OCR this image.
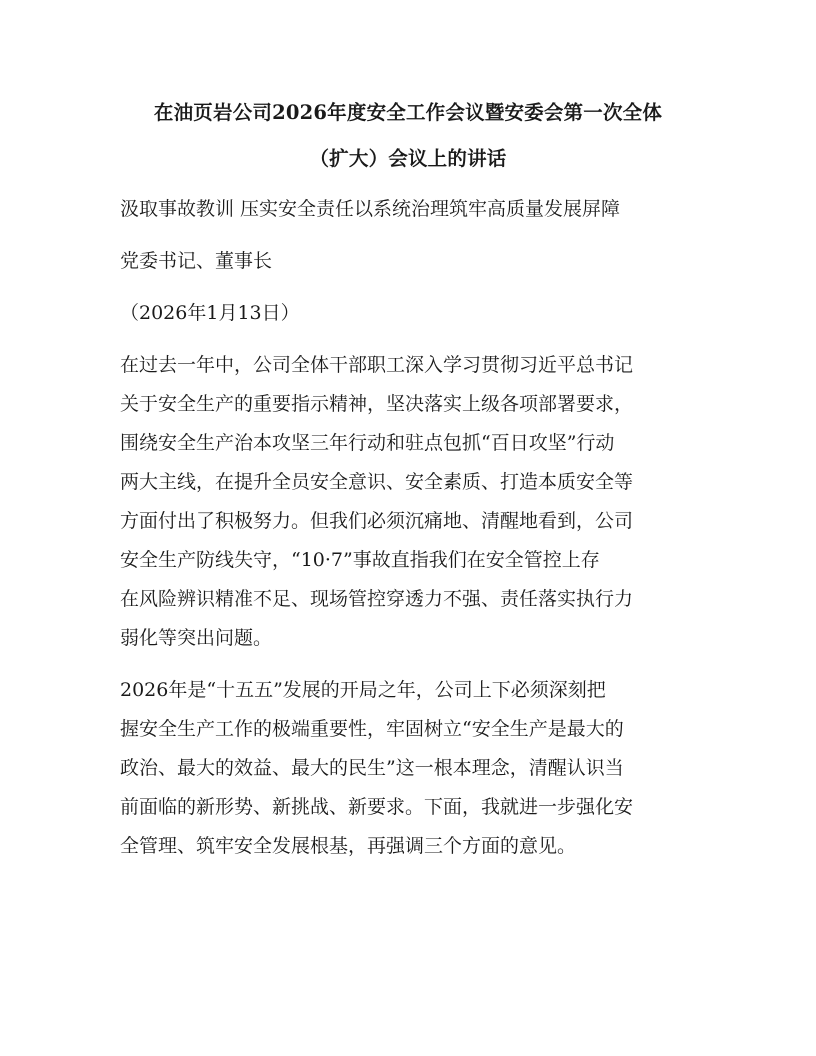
在油页岩公司2026年度安全工作会议暨安委会第一次全体
（扩大）会议上的讲话
汲取事故教训 压实安全责任以系统治理筑牢高质量发展屏障
党委书记、董事长
（2026年1月13日）
在过去一年中，公司全体干部职工深入学习贯彻习近平总书记
关于安全生产的重要指示精神，坚决落实上级各项部署要求，
围绕安全生产治本攻坚三年行动和驻点包抓“百日攻坚”行动
两大主线，在提升全员安全意识、安全素质、打造本质安全等
方面付出了积极努力。但我们必须沉痛地、清醒地看到，公司
安全生产防线失守，“10·7”事故直指我们在安全管控上存
在风险辨识精准不足、现场管控穿透力不强、责任落实执行力
弱化等突出问题。
2026年是“十五五”发展的开局之年，公司上下必须深刻把
握安全生产工作的极端重要性，牢固树立“安全生产是最大的
政治、最大的效益、最大的民生”这一根本理念，清醒认识当
前面临的新形势、新挑战、新要求。下面，我就进一步强化安
全管理、筑牢安全发展根基，再强调三个方面的意见。
